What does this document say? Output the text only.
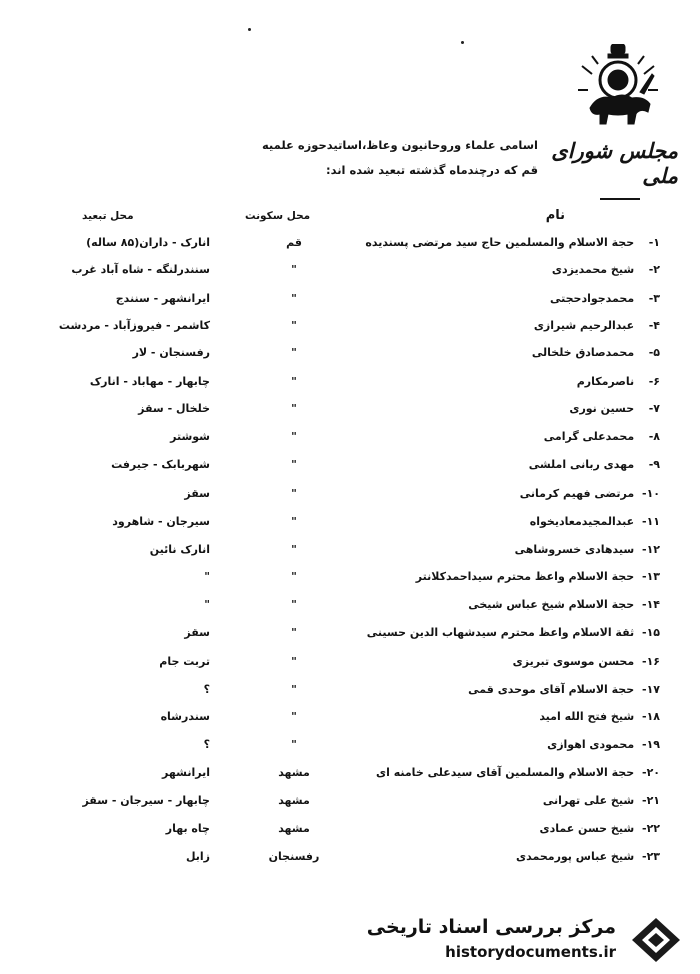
مجلس شورای ملی
اسامی علماء وروحانیون وعاظ،اساتیدحوزه علمیه
قم که درچندماه گذشته تبعید شده اند:
نام
محل سکونت
محل تبعید
۱- حجة الاسلام والمسلمین حاج سید مرتضی پسندیده
قم
انارک - داران(۸۵ ساله)
۲- شیخ محمدیزدی
"
سنندرلنگه - شاه آباد غرب
۳- محمدجوادحجتی
"
ایرانشهر - سنندج
۴- عبدالرحیم شیرازی
"
کاشمر - فیروزآباد - مردشت
۵- محمدصادق خلخالی
"
رفسنجان - لار
۶- ناصرمکارم
"
چابهار - مهاباد - انارک
۷- حسین نوری
"
خلخال - سقز
۸- محمدعلی گرامی
"
شوشتر
۹- مهدی ربانی املشی
"
شهربابک - جیرفت
۱۰- مرتضی فهیم کرمانی
"
سقز
۱۱- عبدالمجیدمعادیخواه
"
سیرجان - شاهرود
۱۲- سیدهادی خسروشاهی
"
انارک نائین
۱۳- حجة الاسلام واعظ محترم سیداحمدکلانتر
"
"
۱۴- حجة الاسلام شیخ عباس شیخی
"
"
۱۵- ثقة الاسلام واعظ محترم سیدشهاب الدین حسینی
"
سقز
۱۶- محسن موسوی تبریزی
"
تربت جام
۱۷- حجة الاسلام آقای موحدی قمی
"
؟
۱۸- شیخ فتح الله امید
"
سندرشاه
۱۹- محمودی اهوازی
"
؟
۲۰- حجة الاسلام والمسلمین آقای سیدعلی خامنه ای
مشهد
ایرانشهر
۲۱- شیخ علی تهرانی
مشهد
چابهار - سیرجان - سقز
۲۲- شیخ حسن عمادی
مشهد
چاه بهار
۲۳- شیخ عباس پورمحمدی
رفسنجان
زابل
مرکز بررسی اسناد تاریخی
historydocuments.ir
